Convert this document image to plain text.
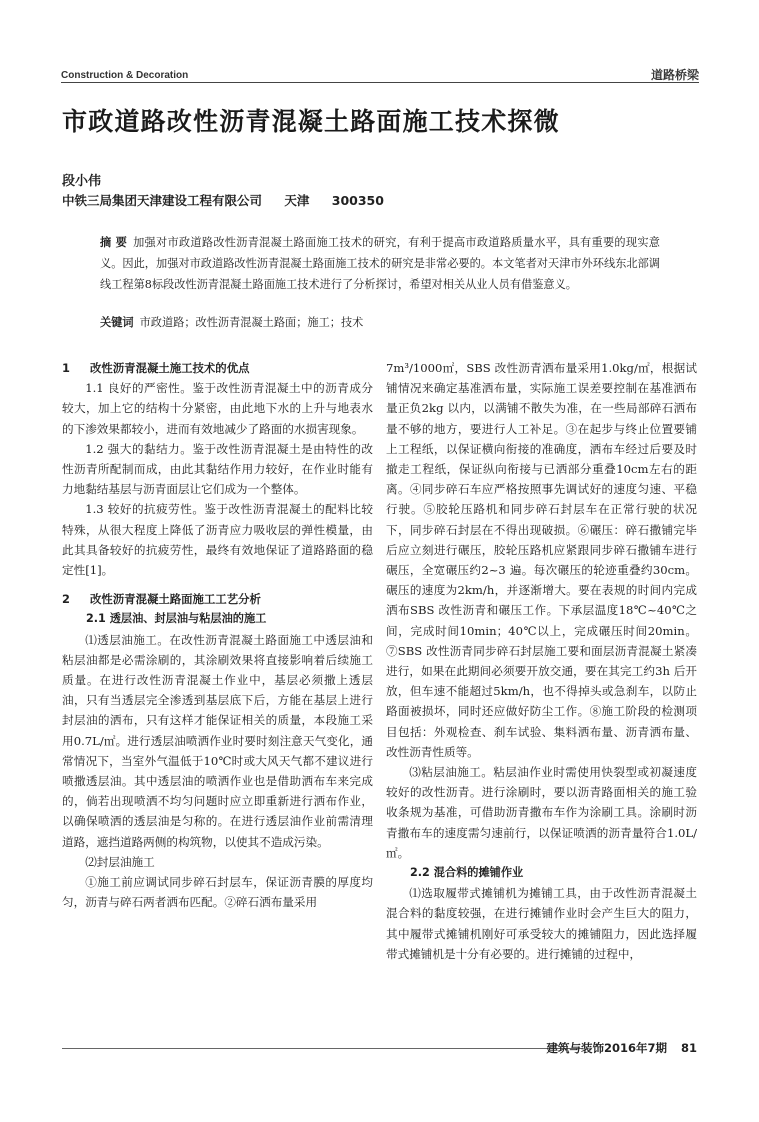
Construction & Decoration	道路桥梁
市政道路改性沥青混凝土路面施工技术探微
段小伟
中铁三局集团天津建设工程有限公司 天津 300350
摘 要 加强对市政道路改性沥青混凝土路面施工技术的研究，有利于提高市政道路质量水平，具有重要的现实意义。因此，加强对市政道路改性沥青混凝土路面施工技术的研究是非常必要的。本文笔者对天津市外环线东北部调线工程第8标段改性沥青混凝土路面施工技术进行了分析探讨，希望对相关从业人员有借鉴意义。
关键词 市政道路；改性沥青混凝土路面；施工；技术
1 改性沥青混凝土施工技术的优点

1.1 良好的严密性。鉴于改性沥青混凝土中的沥青成分较大，加上它的结构十分紧密，由此地下水的上升与地表水的下渗效果都较小，进而有效地减少了路面的水损害现象。

1.2 强大的黏结力。鉴于改性沥青混凝土是由特性的改性沥青所配制而成，由此其黏结作用力较好，在作业时能有力地黏结基层与沥青面层让它们成为一个整体。

1.3 较好的抗疲劳性。鉴于改性沥青混凝土的配料比较特殊，从很大程度上降低了沥青应力吸收层的弹性模量，由此其具备较好的抗疲劳性，最终有效地保证了道路路面的稳定性[1]。

2 改性沥青混凝土路面施工工艺分析
2.1 透层油、封层油与粘层油的施工

⑴透层油施工。在改性沥青混凝土路面施工中透层油和粘层油都是必需涂刷的，其涂刷效果将直接影响着后续施工质量。在进行改性沥青混凝土作业中，基层必须撒上透层油，只有当透层完全渗透到基层底下后，方能在基层上进行封层油的洒布，只有这样才能保证相关的质量，本段施工采用0.7L/㎡。进行透层油喷洒作业时要时刻注意天气变化，通常情况下，当室外气温低于10℃时或大风天气都不建议进行喷撒透层油。其中透层油的喷洒作业也是借助洒布车来完成的，倘若出现喷洒不均匀问题时应立即重新进行洒布作业，以确保喷洒的透层油是匀称的。在进行透层油作业前需清理道路，遮挡道路两侧的构筑物，以使其不造成污染。

⑵封层油施工

①施工前应调试同步碎石封层车，保证沥青膜的厚度均匀，沥青与碎石两者洒布匹配。②碎石洒布量采用

7m³/1000㎡，SBS 改性沥青洒布量采用1.0kg/㎡，根据试铺情况来确定基准洒布量，实际施工误差要控制在基准洒布量正负2kg 以内，以满铺不散失为准，在一些局部碎石洒布量不够的地方，要进行人工补足。③在起步与终止位置要铺上工程纸，以保证横向衔接的准确度，洒布车经过后要及时撤走工程纸，保证纵向衔接与已洒部分重叠10cm左右的距离。④同步碎石车应严格按照事先调试好的速度匀速、平稳行驶。⑤胶轮压路机和同步碎石封层车在正常行驶的状况下，同步碎石封层在不得出现破损。⑥碾压：碎石撒铺完毕后应立刻进行碾压，胶轮压路机应紧跟同步碎石撒铺车进行碾压，全宽碾压约2~3 遍。每次碾压的轮迹重叠约30cm。碾压的速度为2km/h，并逐渐增大。要在表规的时间内完成洒布SBS 改性沥青和碾压工作。下承层温度18℃~40℃之间，完成时间10min；40℃以上，完成碾压时间20min。⑦SBS 改性沥青同步碎石封层施工要和面层沥青混凝土紧凑进行，如果在此期间必须要开放交通，要在其完工约3h 后开放，但车速不能超过5km/h，也不得掉头或急刹车，以防止路面被损坏，同时还应做好防尘工作。⑧施工阶段的检测项目包括：外观检查、刹车试验、集料洒布量、沥青洒布量、改性沥青性质等。

⑶粘层油施工。粘层油作业时需使用快裂型或初凝速度较好的改性沥青。进行涂刷时，要以沥青路面相关的施工验收条规为基准，可借助沥青撒布车作为涂刷工具。涂刷时沥青撒布车的速度需匀速前行，以保证喷洒的沥青量符合1.0L/㎡。

2.2 混合料的摊铺作业

⑴选取履带式摊铺机为摊铺工具，由于改性沥青混凝土混合料的黏度较强，在进行摊铺作业时会产生巨大的阻力，其中履带式摊铺机刚好可承受较大的摊铺阻力，因此选择履带式摊铺机是十分有必要的。进行摊铺的过程中，

建筑与装饰2016年7期 81
